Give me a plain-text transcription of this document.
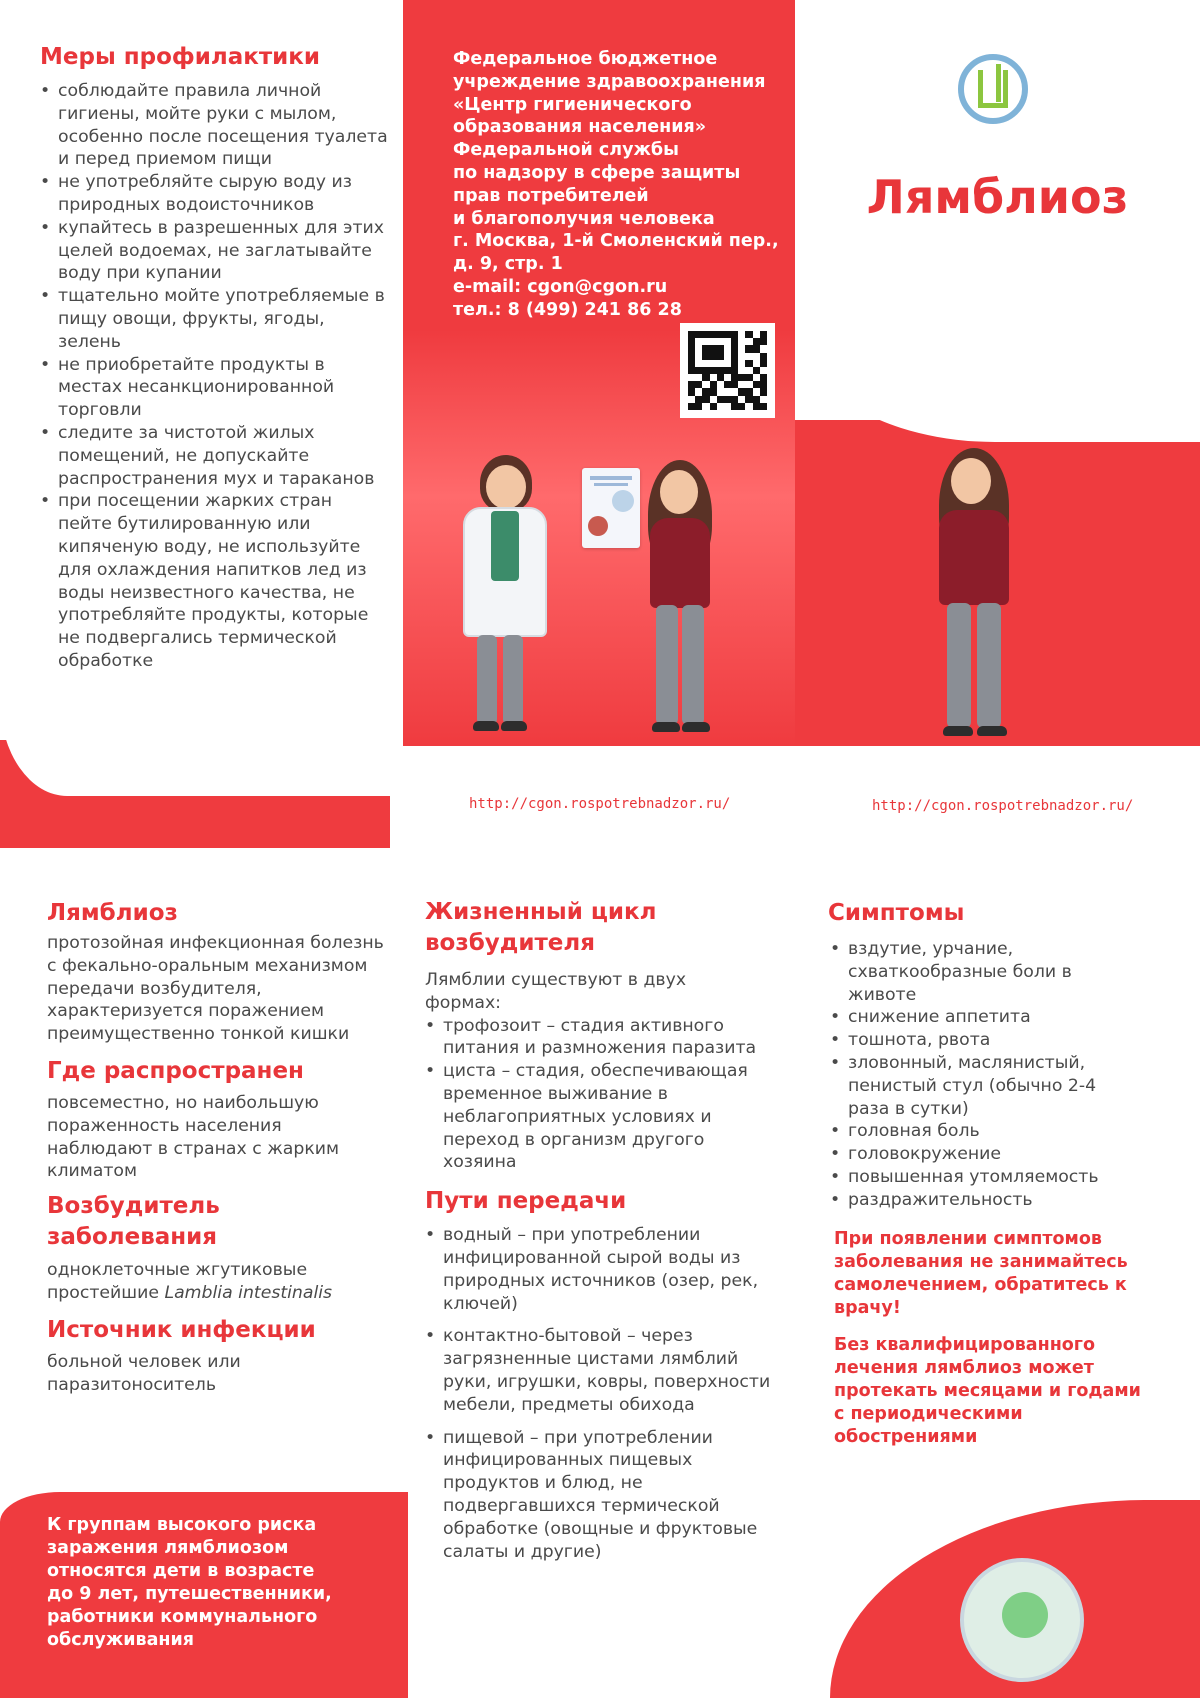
Меры профилактики
• соблюдайте правила личной гигиены, мойте руки с мылом, особенно после посещения туалета и перед приемом пищи
• не употребляйте сырую воду из природных водоисточников
• купайтесь в разрешенных для этих целей водоемах, не заглатывайте воду при купании
• тщательно мойте употребляемые в пищу овощи, фрукты, ягоды, зелень
• не приобретайте продукты в местах несанкционированной торговли
• следите за чистотой жилых помещений, не допускайте распространения мух и тараканов
• при посещении жарких стран пейте бутилированную или кипяченую воду, не используйте для охлаждения напитков лед из воды неизвестного качества, не употребляйте продукты, которые не подвергались термической обработке
Федеральное бюджетное
учреждение здравоохранения
«Центр гигиенического
образования населения»
Федеральной службы
по надзору в сфере защиты
прав потребителей
и благополучия человека
г. Москва, 1-й Смоленский пер.,
д. 9, стр. 1
e-mail: cgon@cgon.ru
тел.: 8 (499) 241 86 28
Лямблиоз
http://cgon.rospotrebnadzor.ru/	http://cgon.rospotrebnadzor.ru/
Лямблиоз
протозойная инфекционная болезнь с фекально-оральным механизмом передачи возбудителя, характеризуется поражением преимущественно тонкой кишки
Где распространен
повсеместно, но наибольшую пораженность населения наблюдают в странах с жарким климатом
Возбудитель заболевания
одноклеточные жгутиковые простейшие Lamblia intestinalis
Источник инфекции
больной человек или паразитоноситель
К группам высокого риска заражения лямблиозом относятся дети в возрасте до 9 лет, путешественники, работники коммунального обслуживания
Жизненный цикл возбудителя
Лямблии существуют в двух формах:
• трофозоит – стадия активного питания и размножения паразита
• циста – стадия, обеспечивающая временное выживание в неблагоприятных условиях и переход в организм другого хозяина
Пути передачи
• водный – при употреблении инфицированной сырой воды из природных источников (озер, рек, ключей)
• контактно-бытовой – через загрязненные цистами лямблий руки, игрушки, ковры, поверхности мебели, предметы обихода
• пищевой – при употреблении инфицированных пищевых продуктов и блюд, не подвергавшихся термической обработке (овощные и фруктовые салаты и другие)
Симптомы
• вздутие, урчание, схваткообразные боли в животе
• снижение аппетита
• тошнота, рвота
• зловонный, маслянистый, пенистый стул (обычно 2-4 раза в сутки)
• головная боль
• головокружение
• повышенная утомляемость
• раздражительность
При появлении симптомов заболевания не занимайтесь самолечением, обратитесь к врачу!
Без квалифицированного лечения лямблиоз может протекать месяцами и годами с периодическими обострениями
